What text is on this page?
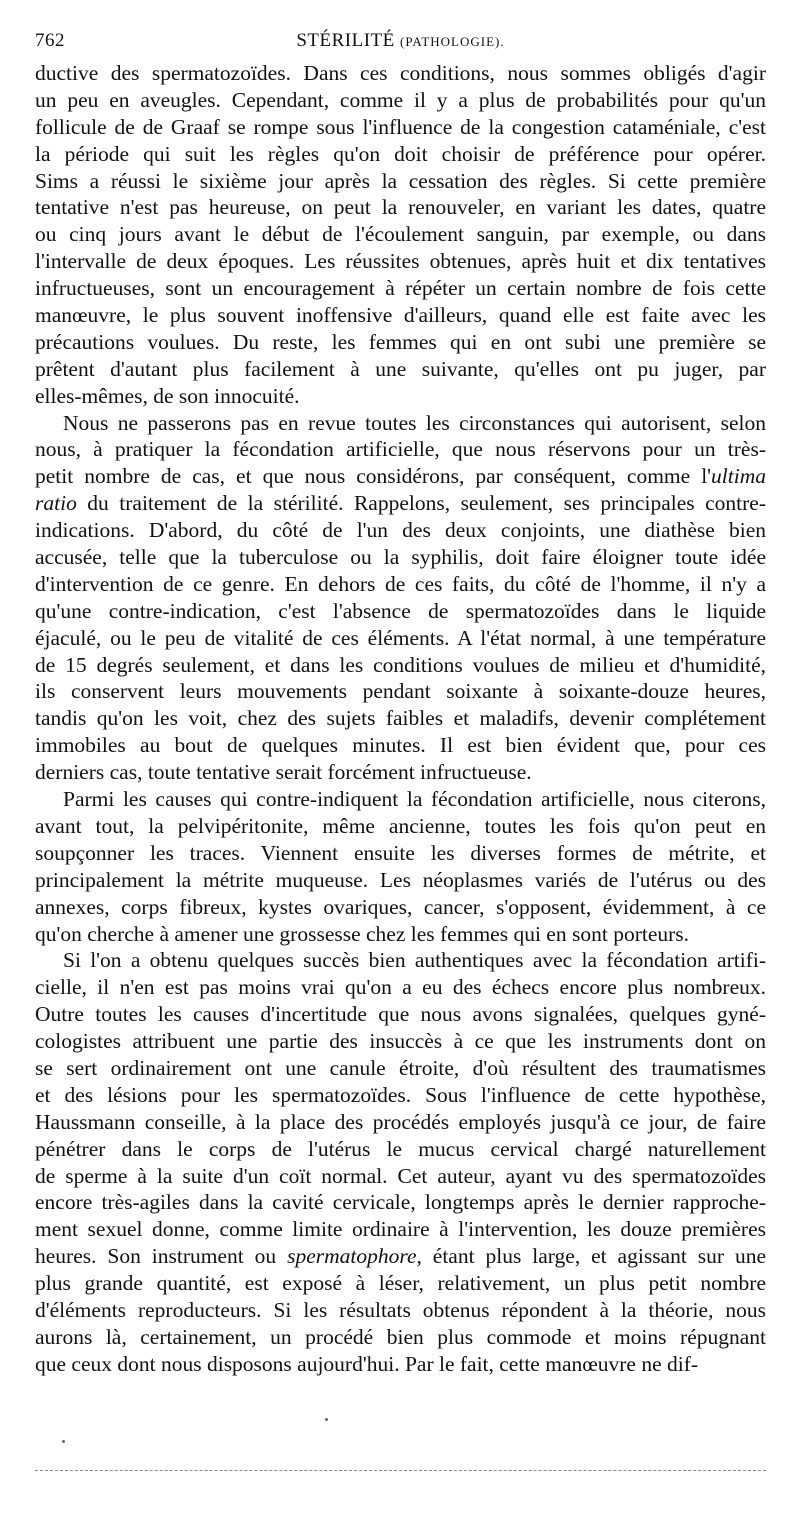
762	STÉRILITÉ (PATHOLOGIE).
ductive des spermatozoïdes. Dans ces conditions, nous sommes obligés d'agir
un peu en aveugles. Cependant, comme il y a plus de probabilités pour qu'un
follicule de de Graaf se rompe sous l'influence de la congestion cataméniale, c'est
la période qui suit les règles qu'on doit choisir de préférence pour opérer.
Sims a réussi le sixième jour après la cessation des règles. Si cette première
tentative n'est pas heureuse, on peut la renouveler, en variant les dates, quatre
ou cinq jours avant le début de l'écoulement sanguin, par exemple, ou dans
l'intervalle de deux époques. Les réussites obtenues, après huit et dix tentatives
infructueuses, sont un encouragement à répéter un certain nombre de fois cette
manœuvre, le plus souvent inoffensive d'ailleurs, quand elle est faite avec les
précautions voulues. Du reste, les femmes qui en ont subi une première se
prêtent d'autant plus facilement à une suivante, qu'elles ont pu juger, par
elles-mêmes, de son innocuité.
Nous ne passerons pas en revue toutes les circonstances qui autorisent, selon
nous, à pratiquer la fécondation artificielle, que nous réservons pour un très-
petit nombre de cas, et que nous considérons, par conséquent, comme l'ultima
ratio du traitement de la stérilité. Rappelons, seulement, ses principales contre-
indications. D'abord, du côté de l'un des deux conjoints, une diathèse bien
accusée, telle que la tuberculose ou la syphilis, doit faire éloigner toute idée
d'intervention de ce genre. En dehors de ces faits, du côté de l'homme, il n'y a
qu'une contre-indication, c'est l'absence de spermatozoïdes dans le liquide
éjaculé, ou le peu de vitalité de ces éléments. A l'état normal, à une température
de 15 degrés seulement, et dans les conditions voulues de milieu et d'humidité,
ils conservent leurs mouvements pendant soixante à soixante-douze heures,
tandis qu'on les voit, chez des sujets faibles et maladifs, devenir complétement
immobiles au bout de quelques minutes. Il est bien évident que, pour ces
derniers cas, toute tentative serait forcément infructueuse.
Parmi les causes qui contre-indiquent la fécondation artificielle, nous citerons,
avant tout, la pelvipéritonite, même ancienne, toutes les fois qu'on peut en
soupçonner les traces. Viennent ensuite les diverses formes de métrite, et
principalement la métrite muqueuse. Les néoplasmes variés de l'utérus ou des
annexes, corps fibreux, kystes ovariques, cancer, s'opposent, évidemment, à ce
qu'on cherche à amener une grossesse chez les femmes qui en sont porteurs.
Si l'on a obtenu quelques succès bien authentiques avec la fécondation artifi-
cielle, il n'en est pas moins vrai qu'on a eu des échecs encore plus nombreux.
Outre toutes les causes d'incertitude que nous avons signalées, quelques gyné-
cologistes attribuent une partie des insuccès à ce que les instruments dont on
se sert ordinairement ont une canule étroite, d'où résultent des traumatismes
et des lésions pour les spermatozoïdes. Sous l'influence de cette hypothèse,
Haussmann conseille, à la place des procédés employés jusqu'à ce jour, de faire
pénétrer dans le corps de l'utérus le mucus cervical chargé naturellement
de sperme à la suite d'un coït normal. Cet auteur, ayant vu des spermatozoïdes
encore très-agiles dans la cavité cervicale, longtemps après le dernier rapproche-
ment sexuel donne, comme limite ordinaire à l'intervention, les douze premières
heures. Son instrument ou spermatophore, étant plus large, et agissant sur une
plus grande quantité, est exposé à léser, relativement, un plus petit nombre
d'éléments reproducteurs. Si les résultats obtenus répondent à la théorie, nous
aurons là, certainement, un procédé bien plus commode et moins répugnant
que ceux dont nous disposons aujourd'hui. Par le fait, cette manœuvre ne dif-
